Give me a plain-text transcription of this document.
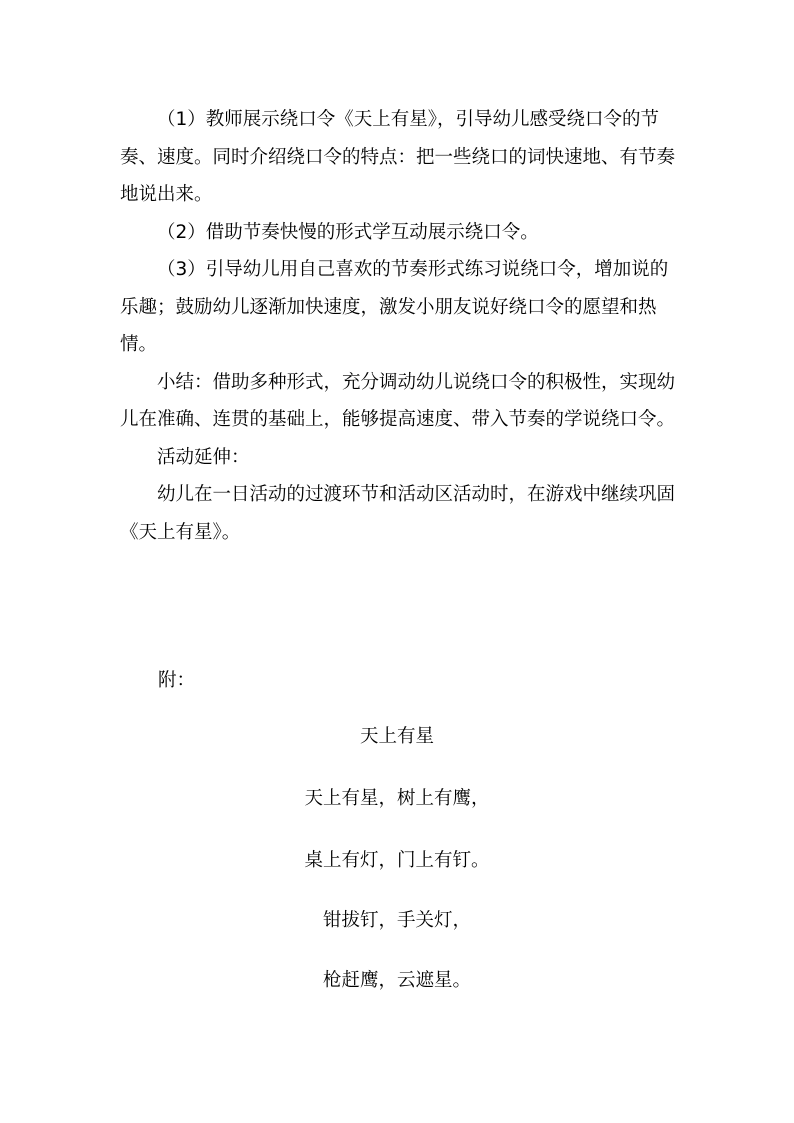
（1）教师展示绕口令《天上有星》，引导幼儿感受绕口令的节奏、速度。同时介绍绕口令的特点：把一些绕口的词快速地、有节奏地说出来。

（2）借助节奏快慢的形式学互动展示绕口令。

（3）引导幼儿用自己喜欢的节奏形式练习说绕口令，增加说的乐趣；鼓励幼儿逐渐加快速度，激发小朋友说好绕口令的愿望和热情。

小结：借助多种形式，充分调动幼儿说绕口令的积极性，实现幼儿在准确、连贯的基础上，能够提高速度、带入节奏的学说绕口令。

活动延伸：

幼儿在一日活动的过渡环节和活动区活动时，在游戏中继续巩固《天上有星》。

附：
天上有星
天上有星，树上有鹰，
桌上有灯，门上有钉。
钳拔钉，手关灯，
枪赶鹰，云遮星。
